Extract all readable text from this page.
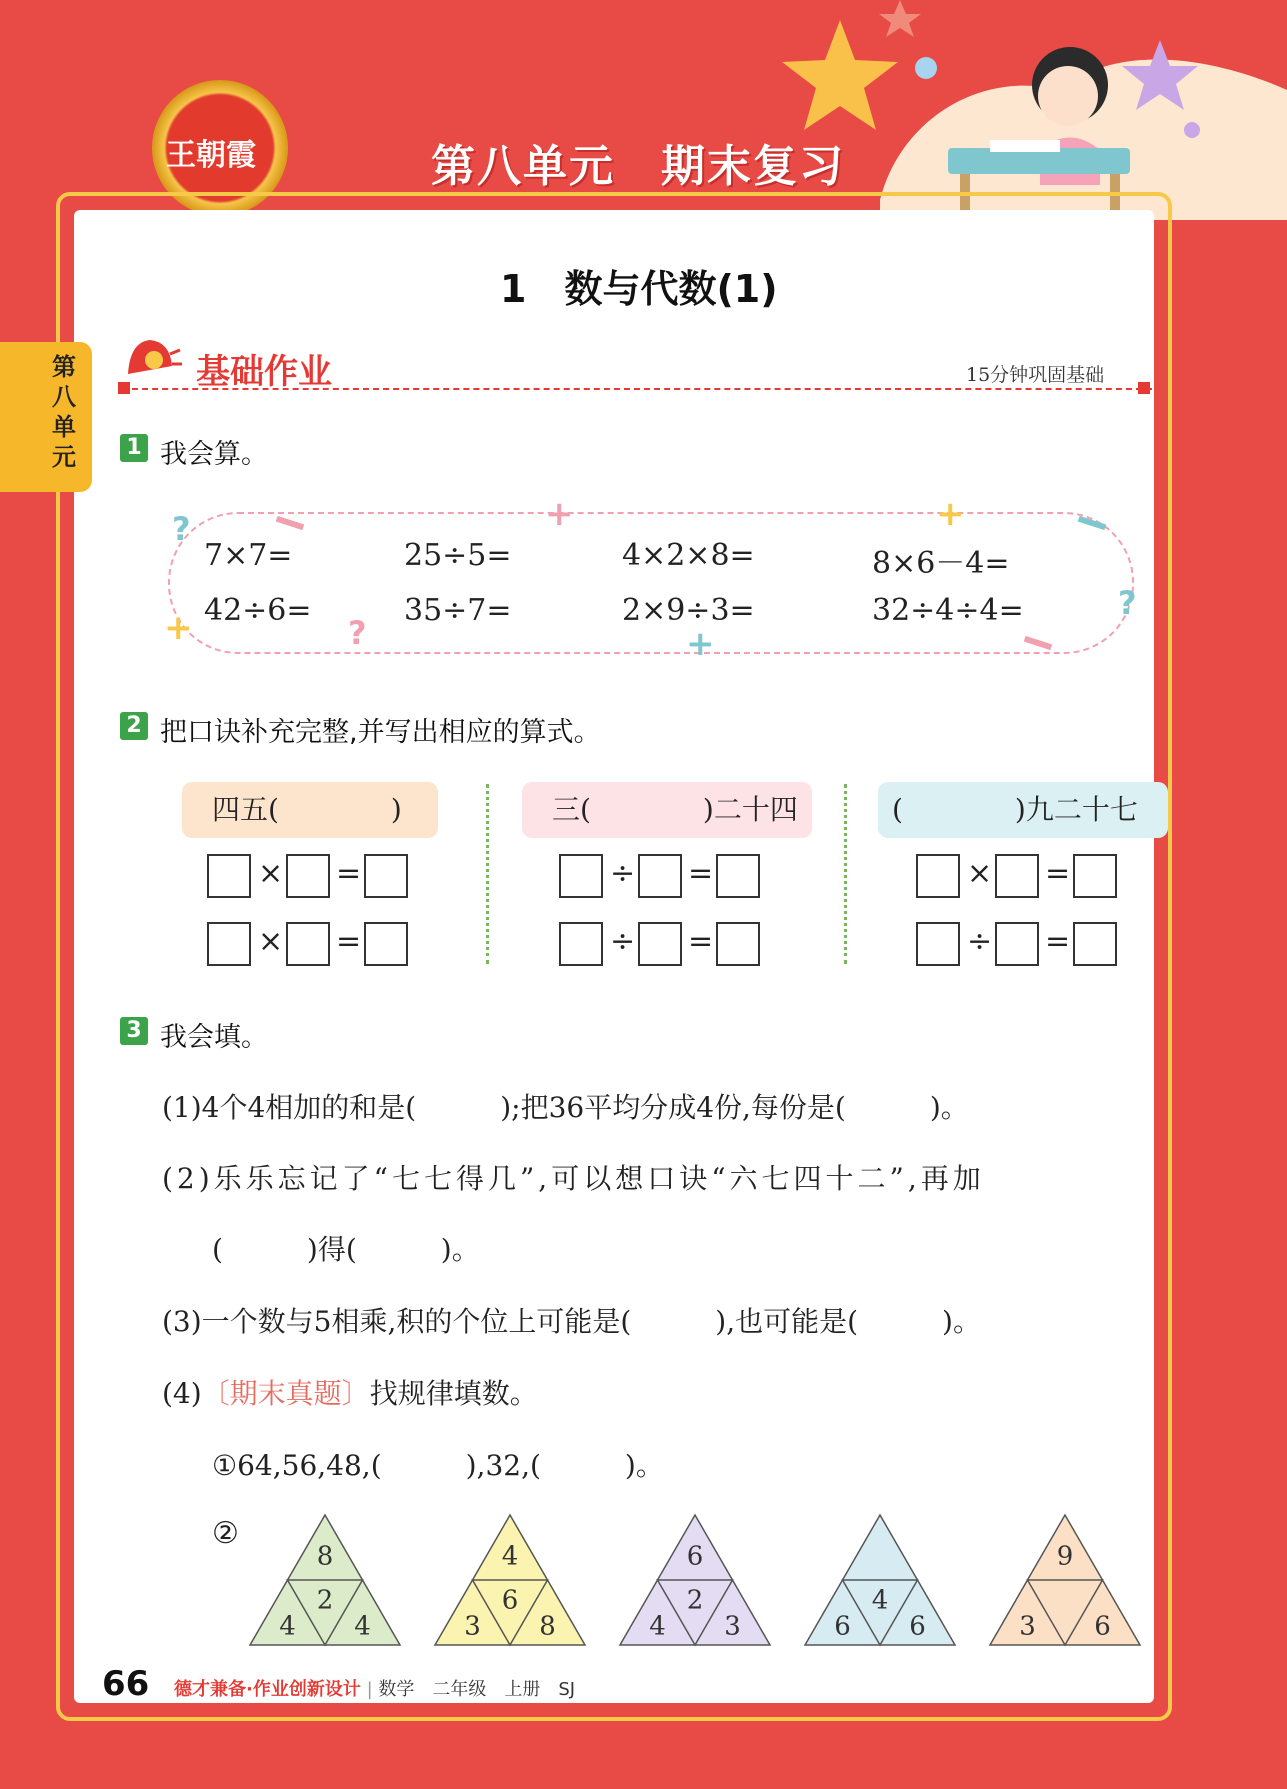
王朝霞	第八单元　期末复习
第八单元
1　数与代数(1)
基础作业	15分钟巩固基础
1 我会算。
?
?
?
+
+	+
+
7×7=	25÷5=	4×2×8=	8×6－4=
42÷6=	35÷7=	2×9÷3=	32÷4÷4=
2 把口诀补充完整,并写出相应的算式。
四五(　　　　)	三(　　　　)二十四	(　　　　)九二十七
× =
× =
÷ =
÷ =
× =
÷ =
3 我会填。
(1)4个4相加的和是(　　　);把36平均分成4份,每份是(　　　)。
(2)乐乐忘记了“七七得几”,可以想口诀“六七四十二”,再加
(　　　)得(　　　)。
(3)一个数与5相乘,积的个位上可能是(　　　),也可能是(　　　)。
(4)〔期末真题〕找规律填数。
①64,56,48,(　　　),32,(　　　)。
②
8
2
4 4
4
6
3 8
6
2
4 3
4
6 6
9
3 6
66 德才兼备·作业创新设计 | 数学　二年级　上册　SJ
